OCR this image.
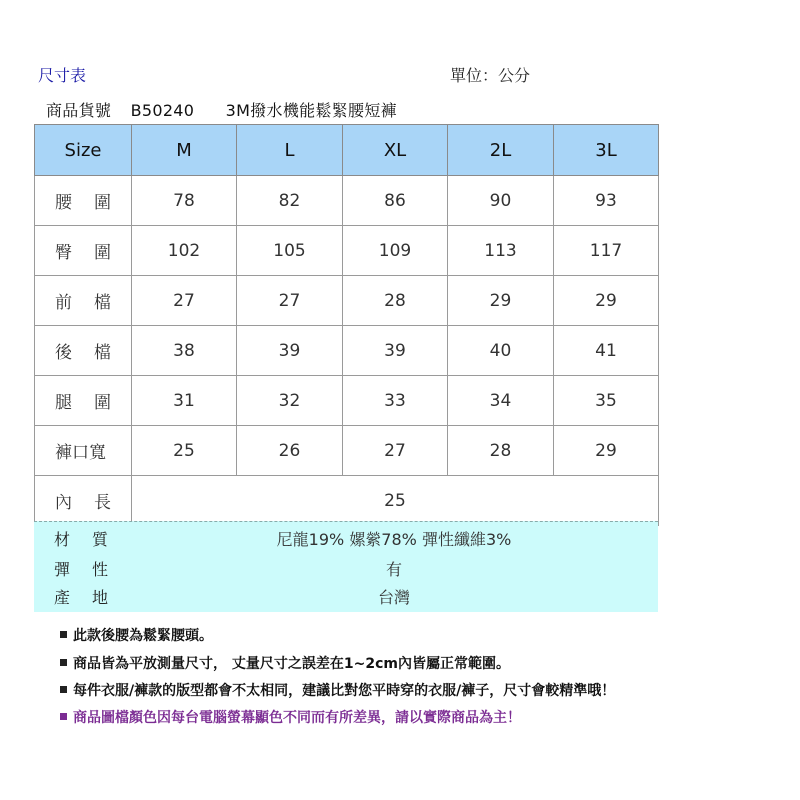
尺寸表	單位：公分
商品貨號 B50240 3M撥水機能鬆緊腰短褲
Size	M	L	XL	2L	3L
腰 圍	78	82	86	90	93
臀 圍	102	105	109	113	117
前 檔	27	27	28	29	29
後 檔	38	39	39	40	41
腿 圍	31	32	33	34	35
褲口寬	25	26	27	28	29
內 長	25				
材 質	尼龍19% 嫘縈78% 彈性纖維3%
彈 性	有
產 地	台灣
此款後腰為鬆緊腰頭。
商品皆為平放測量尺寸， 丈量尺寸之誤差在1~2cm內皆屬正常範圍。
每件衣服/褲款的版型都會不太相同，建議比對您平時穿的衣服/褲子，尺寸會較精準哦！
商品圖檔顏色因每台電腦螢幕顯色不同而有所差異，請以實際商品為主！
